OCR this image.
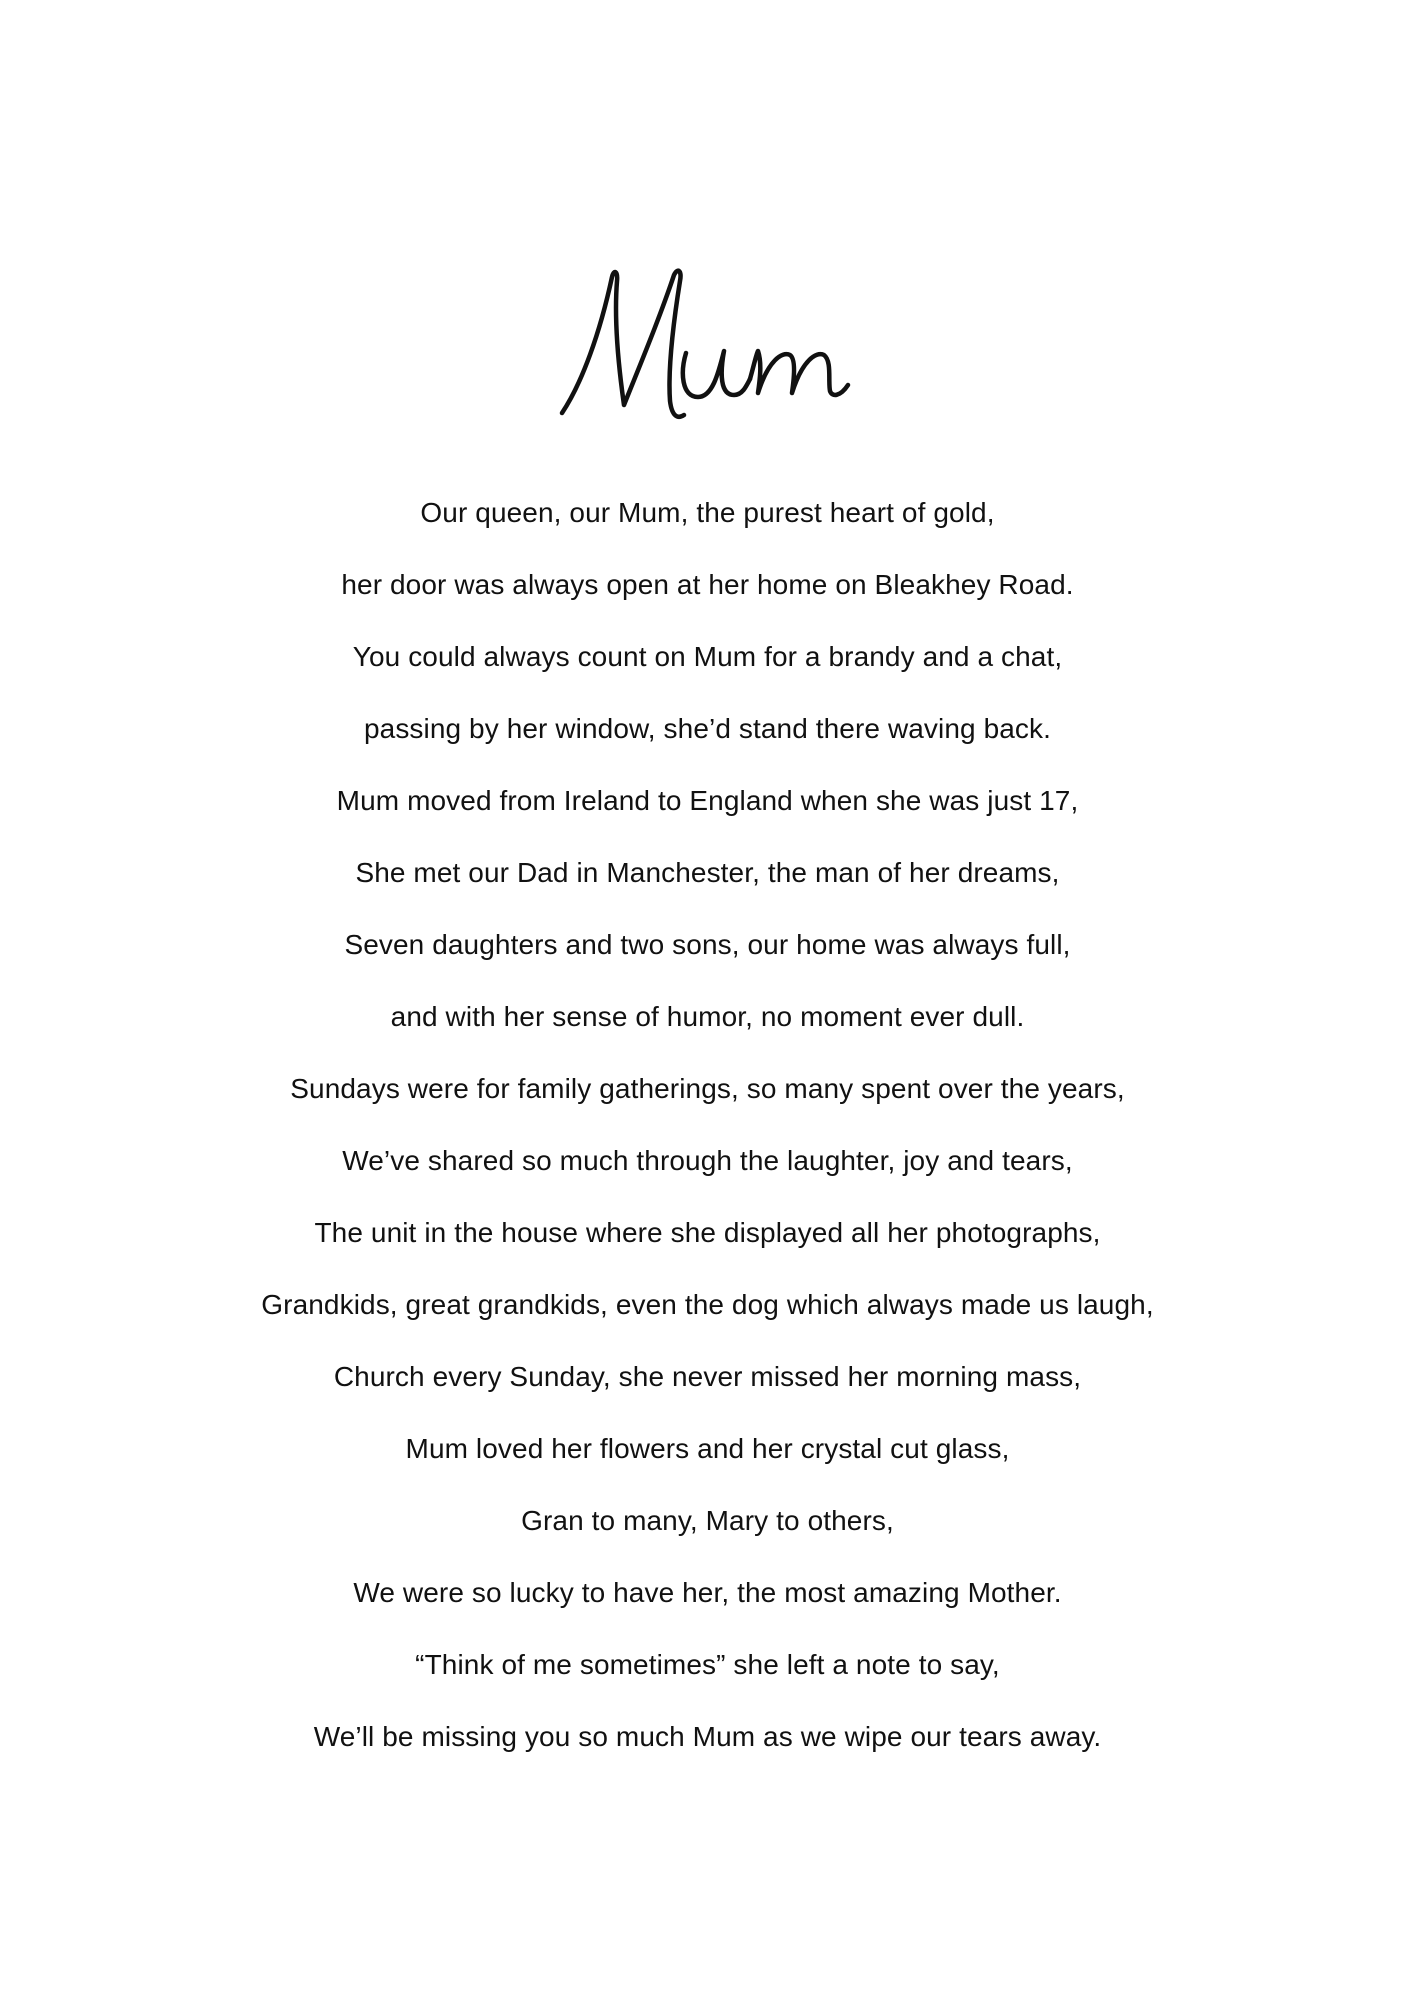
Our queen, our Mum, the purest heart of gold,
her door was always open at her home on Bleakhey Road.
You could always count on Mum for a brandy and a chat,
passing by her window, she’d stand there waving back.
Mum moved from Ireland to England when she was just 17,
She met our Dad in Manchester, the man of her dreams,
Seven daughters and two sons, our home was always full,
and with her sense of humor, no moment ever dull.
Sundays were for family gatherings, so many spent over the years,
We’ve shared so much through the laughter, joy and tears,
The unit in the house where she displayed all her photographs,
Grandkids, great grandkids, even the dog which always made us laugh,
Church every Sunday, she never missed her morning mass,
Mum loved her flowers and her crystal cut glass,
Gran to many, Mary to others,
We were so lucky to have her, the most amazing Mother.
“Think of me sometimes” she left a note to say,
We’ll be missing you so much Mum as we wipe our tears away.
